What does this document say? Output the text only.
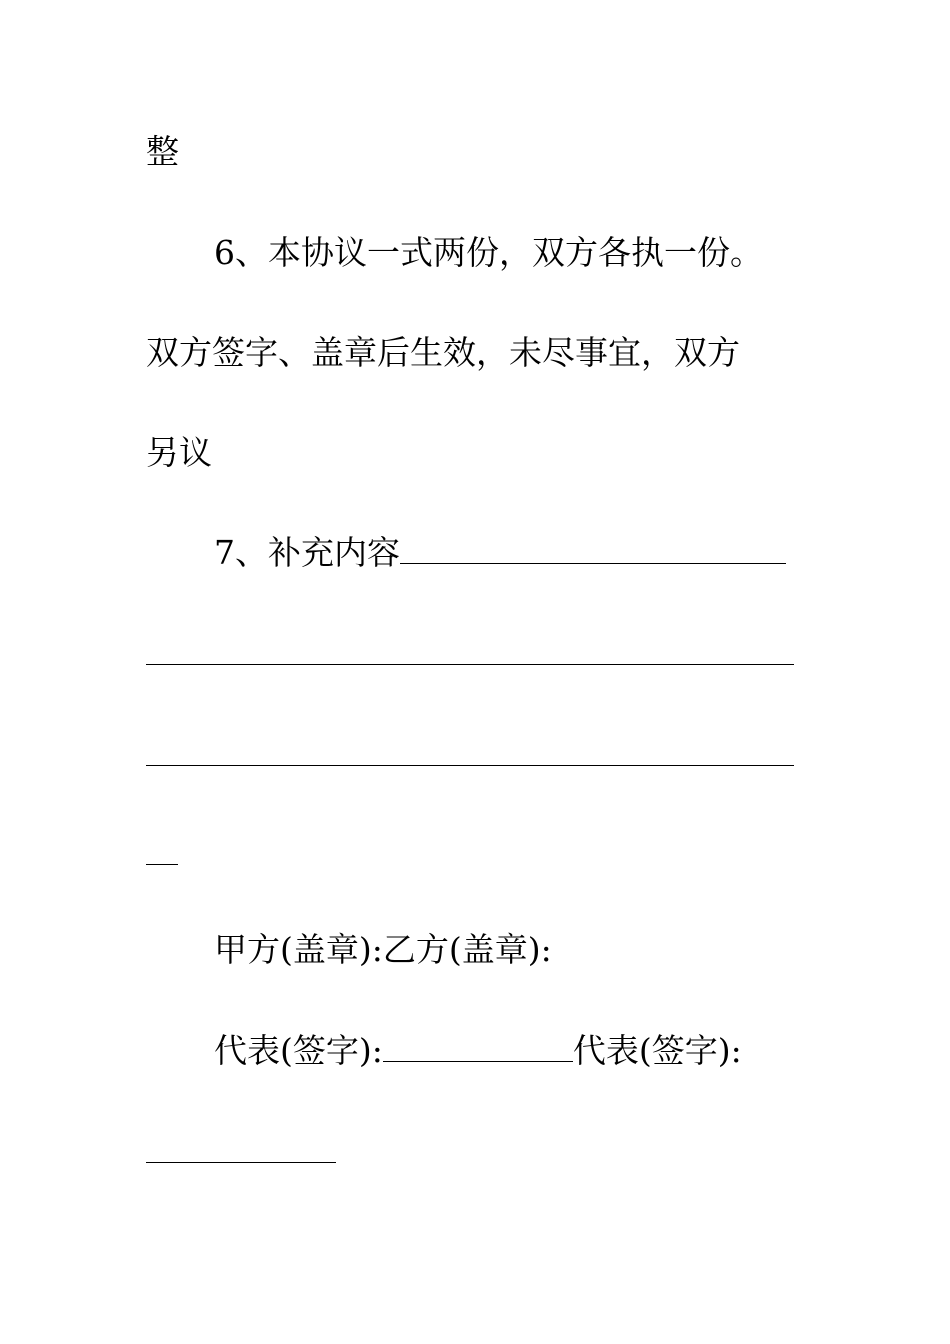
整
6、本协议一式两份，双方各执一份。
双方签字、盖章后生效，未尽事宜，双方
另议
7、补充内容
甲方(盖章):乙方(盖章):
代表(签字):	代表(签字):
